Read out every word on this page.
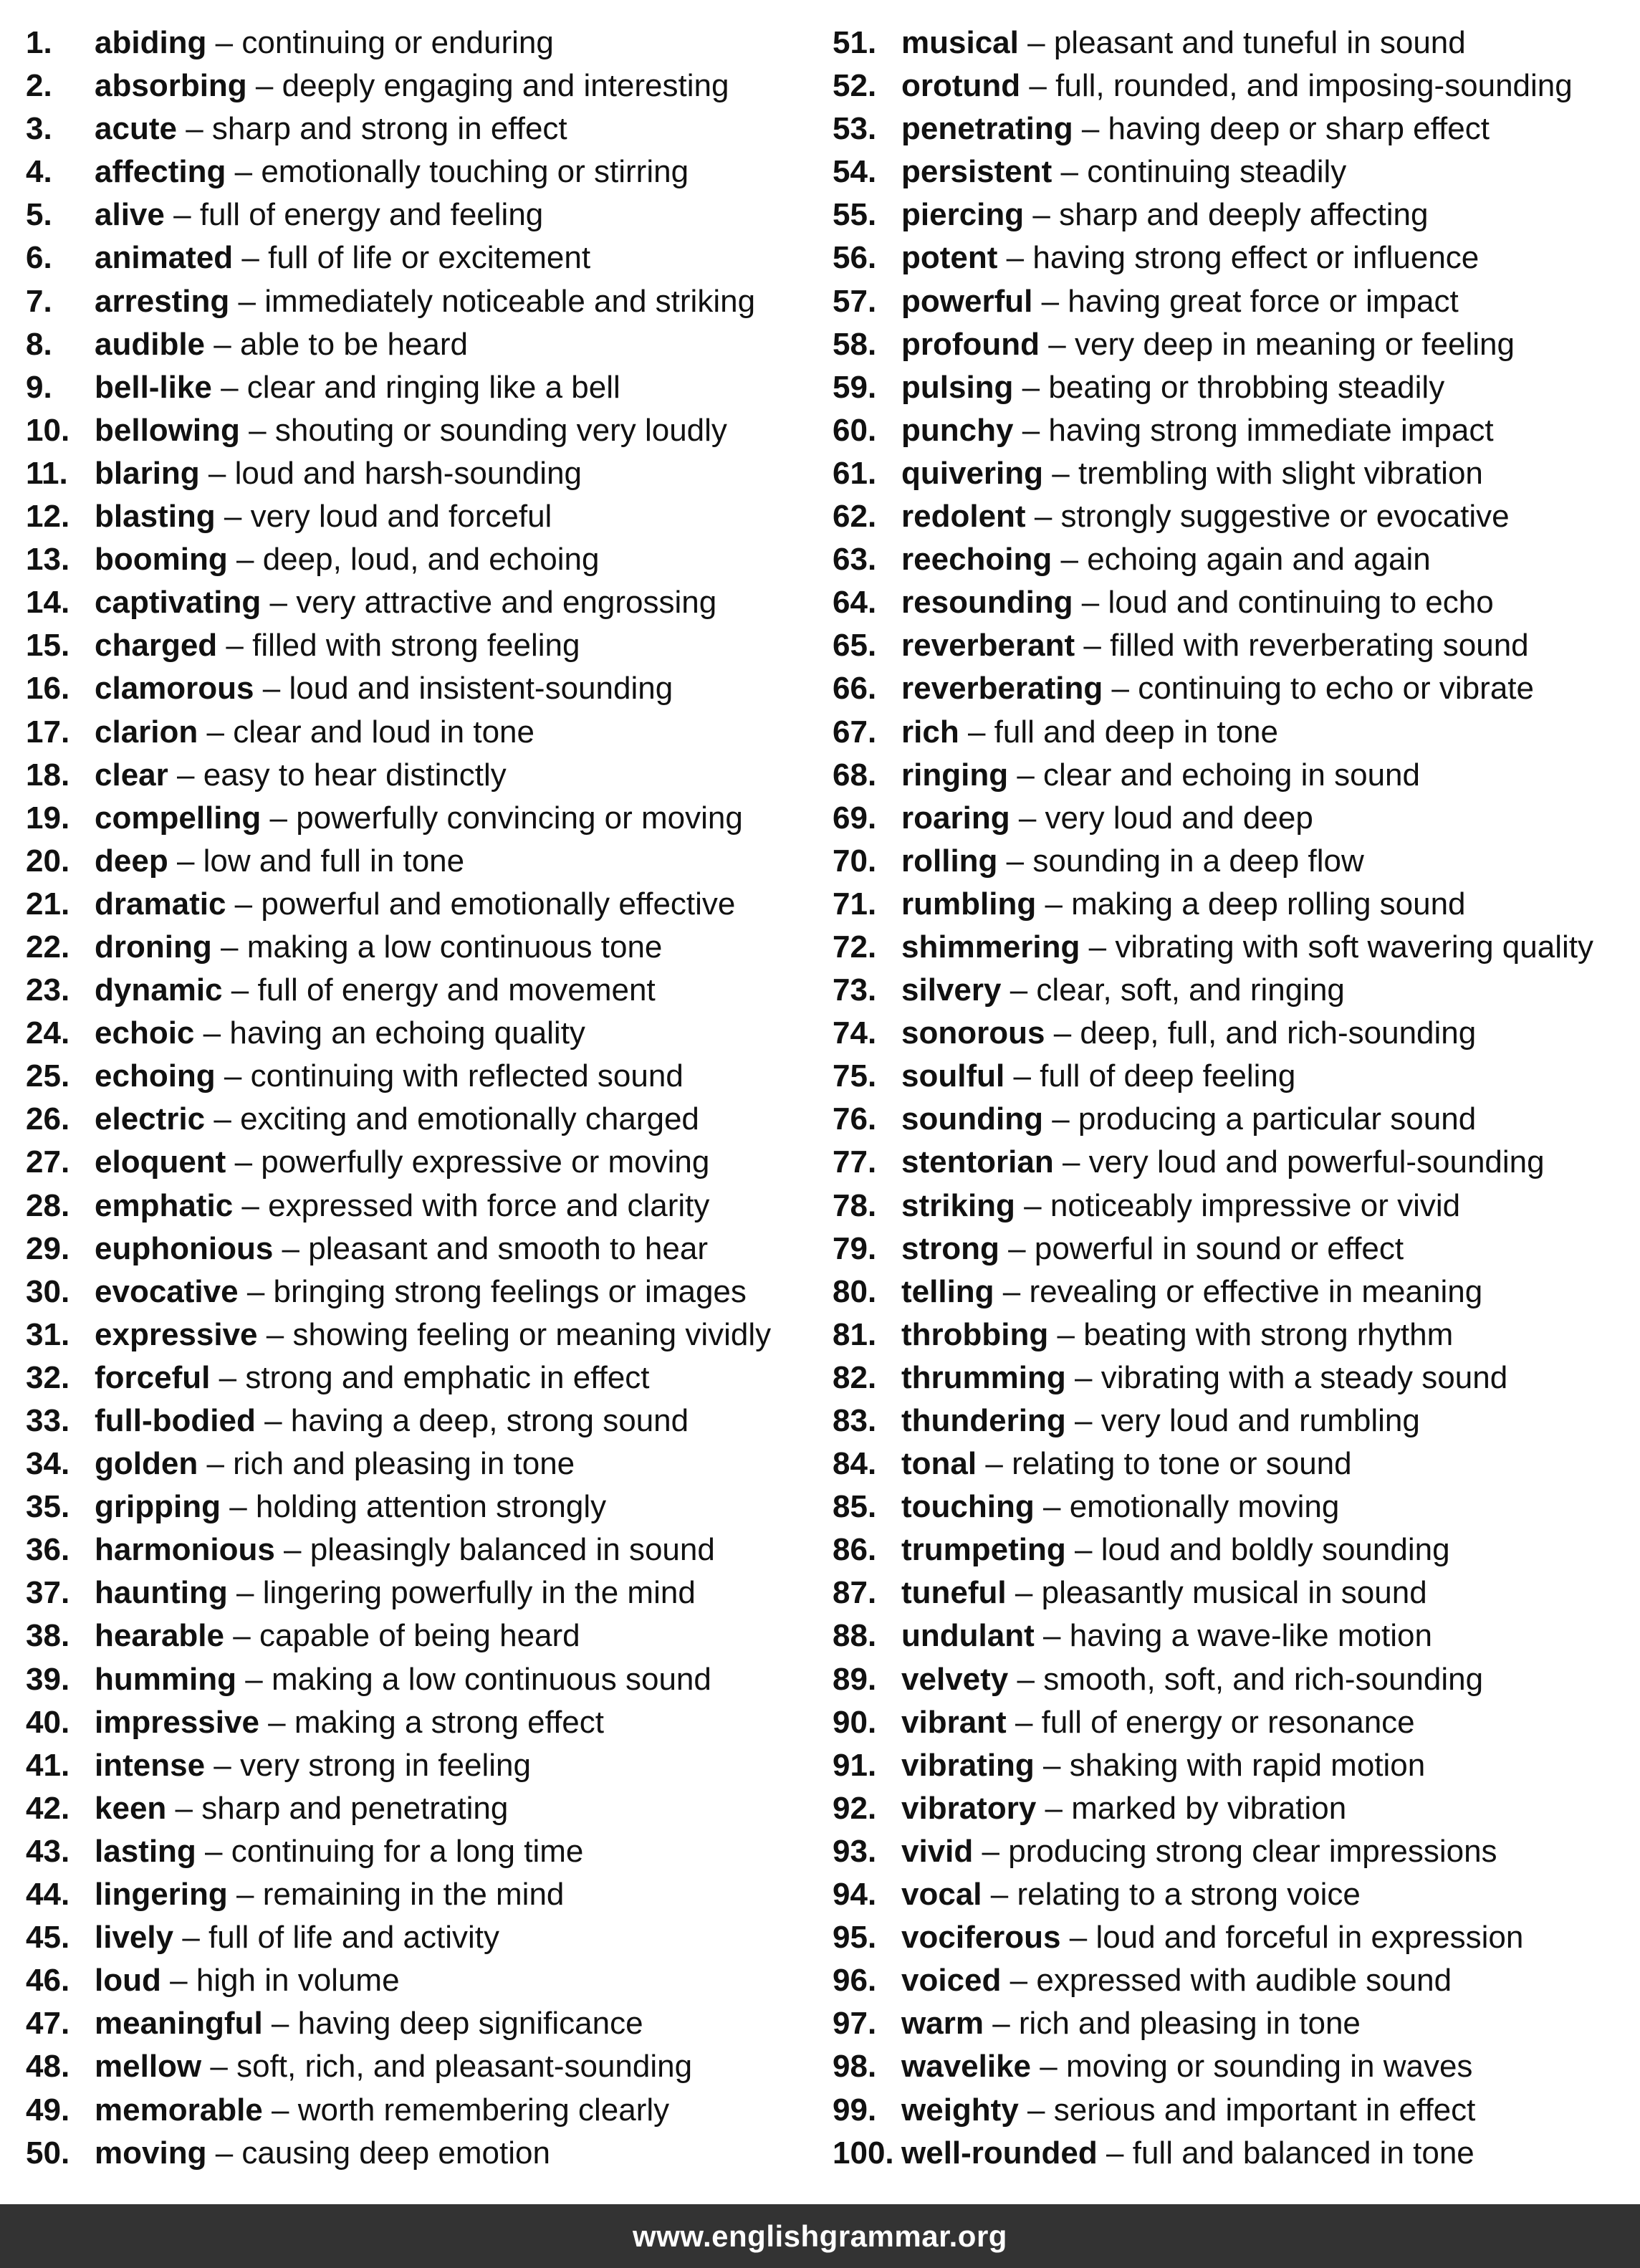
1. abiding – continuing or enduring
2. absorbing – deeply engaging and interesting
3. acute – sharp and strong in effect
4. affecting – emotionally touching or stirring
5. alive – full of energy and feeling
6. animated – full of life or excitement
7. arresting – immediately noticeable and striking
8. audible – able to be heard
9. bell-like – clear and ringing like a bell
10. bellowing – shouting or sounding very loudly
11. blaring – loud and harsh-sounding
12. blasting – very loud and forceful
13. booming – deep, loud, and echoing
14. captivating – very attractive and engrossing
15. charged – filled with strong feeling
16. clamorous – loud and insistent-sounding
17. clarion – clear and loud in tone
18. clear – easy to hear distinctly
19. compelling – powerfully convincing or moving
20. deep – low and full in tone
21. dramatic – powerful and emotionally effective
22. droning – making a low continuous tone
23. dynamic – full of energy and movement
24. echoic – having an echoing quality
25. echoing – continuing with reflected sound
26. electric – exciting and emotionally charged
27. eloquent – powerfully expressive or moving
28. emphatic – expressed with force and clarity
29. euphonious – pleasant and smooth to hear
30. evocative – bringing strong feelings or images
31. expressive – showing feeling or meaning vividly
32. forceful – strong and emphatic in effect
33. full-bodied – having a deep, strong sound
34. golden – rich and pleasing in tone
35. gripping – holding attention strongly
36. harmonious – pleasingly balanced in sound
37. haunting – lingering powerfully in the mind
38. hearable – capable of being heard
39. humming – making a low continuous sound
40. impressive – making a strong effect
41. intense – very strong in feeling
42. keen – sharp and penetrating
43. lasting – continuing for a long time
44. lingering – remaining in the mind
45. lively – full of life and activity
46. loud – high in volume
47. meaningful – having deep significance
48. mellow – soft, rich, and pleasant-sounding
49. memorable – worth remembering clearly
50. moving – causing deep emotion
51. musical – pleasant and tuneful in sound
52. orotund – full, rounded, and imposing-sounding
53. penetrating – having deep or sharp effect
54. persistent – continuing steadily
55. piercing – sharp and deeply affecting
56. potent – having strong effect or influence
57. powerful – having great force or impact
58. profound – very deep in meaning or feeling
59. pulsing – beating or throbbing steadily
60. punchy – having strong immediate impact
61. quivering – trembling with slight vibration
62. redolent – strongly suggestive or evocative
63. reechoing – echoing again and again
64. resounding – loud and continuing to echo
65. reverberant – filled with reverberating sound
66. reverberating – continuing to echo or vibrate
67. rich – full and deep in tone
68. ringing – clear and echoing in sound
69. roaring – very loud and deep
70. rolling – sounding in a deep flow
71. rumbling – making a deep rolling sound
72. shimmering – vibrating with soft wavering quality
73. silvery – clear, soft, and ringing
74. sonorous – deep, full, and rich-sounding
75. soulful – full of deep feeling
76. sounding – producing a particular sound
77. stentorian – very loud and powerful-sounding
78. striking – noticeably impressive or vivid
79. strong – powerful in sound or effect
80. telling – revealing or effective in meaning
81. throbbing – beating with strong rhythm
82. thrumming – vibrating with a steady sound
83. thundering – very loud and rumbling
84. tonal – relating to tone or sound
85. touching – emotionally moving
86. trumpeting – loud and boldly sounding
87. tuneful – pleasantly musical in sound
88. undulant – having a wave-like motion
89. velvety – smooth, soft, and rich-sounding
90. vibrant – full of energy or resonance
91. vibrating – shaking with rapid motion
92. vibratory – marked by vibration
93. vivid – producing strong clear impressions
94. vocal – relating to a strong voice
95. vociferous – loud and forceful in expression
96. voiced – expressed with audible sound
97. warm – rich and pleasing in tone
98. wavelike – moving or sounding in waves
99. weighty – serious and important in effect
100. well-rounded – full and balanced in tone
www.englishgrammar.org
